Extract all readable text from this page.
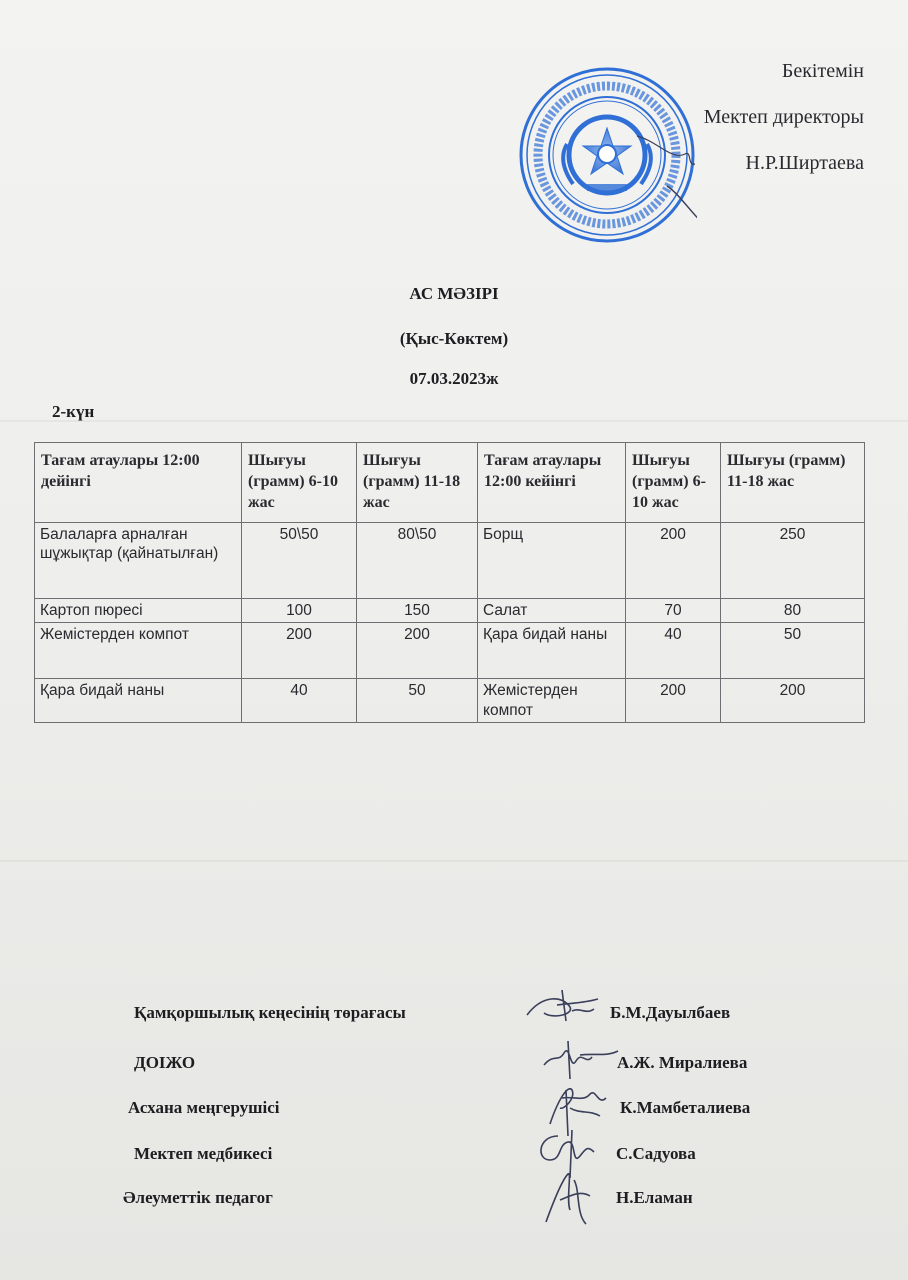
Бекітемін
Мектеп директоры
Н.Р.Ширтаева
АС МӘЗІРІ
(Қыс-Көктем)
07.03.2023ж
2-күн
Тағам атаулары 12:00 дейінгі	Шығуы (грамм) 6-10 жас	Шығуы (грамм) 11-18 жас	Тағам атаулары 12:00 кейінгі	Шығуы (грамм) 6-10 жас	Шығуы (грамм) 11-18 жас
Балаларға арналған шұжықтар (қайнатылған)	50\50	80\50	Борщ	200	250
Картоп пюресі	100	150	Салат	70	80
Жемістерден компот	200	200	Қара бидай наны	40	50
Қара бидай наны	40	50	Жемістерден компот	200	200
Қамқоршылық кеңесінің төрағасы	Б.М.Дауылбаев
ДОІЖО	А.Ж. Миралиева
Асхана меңгерушісі	К.Мамбеталиева
Мектеп медбикесі	С.Садуова
Әлеуметтік педагог	Н.Еламан
